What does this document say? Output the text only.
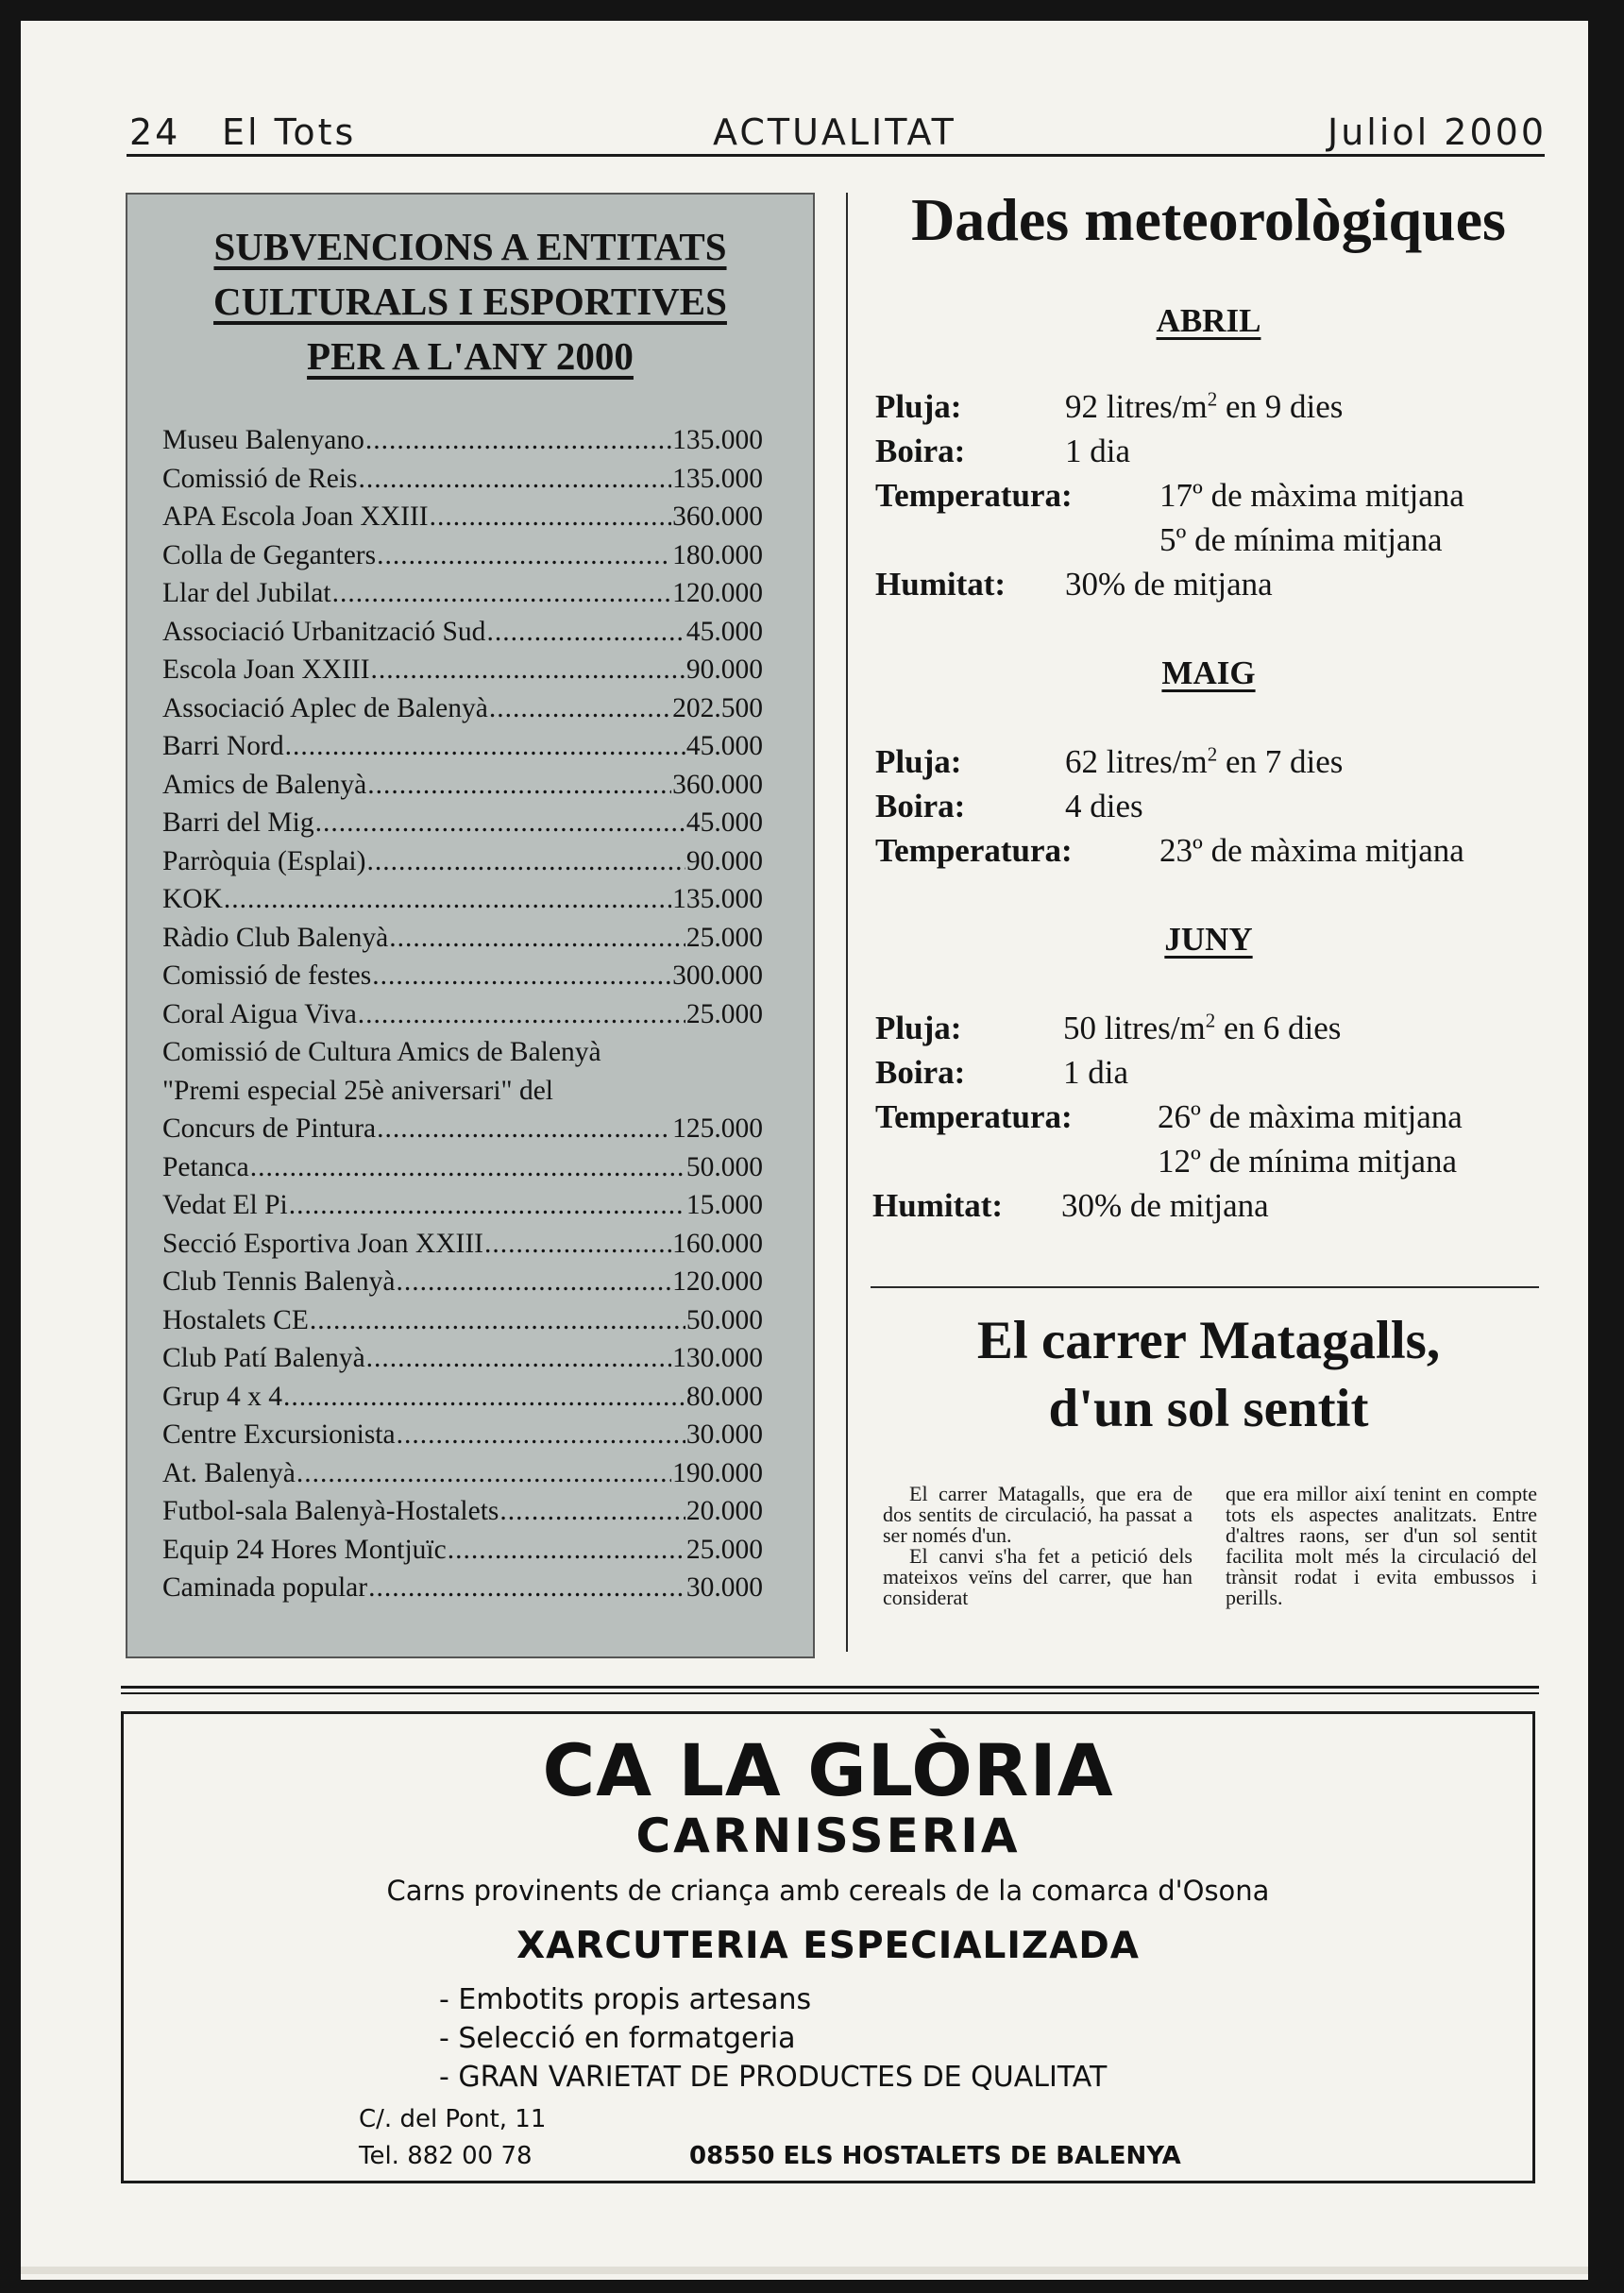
24 El Tots	ACTUALITAT	Juliol 2000
SUBVENCIONS A ENTITATS
CULTURALS I ESPORTIVES
PER A L'ANY 2000
Museu Balenyano .....	135.000
Comissió de Reis .....	135.000
APA Escola Joan XXIII .....	360.000
Colla de Geganters .....	180.000
Llar del Jubilat .....	120.000
Associació Urbanització Sud .....	45.000
Escola Joan XXIII .....	90.000
Associació Aplec de Balenyà .....	202.500
Barri Nord .....	45.000
Amics de Balenyà .....	360.000
Barri del Mig .....	45.000
Parròquia (Esplai) .....	90.000
KOK .....	135.000
Ràdio Club Balenyà .....	25.000
Comissió de festes .....	300.000
Coral Aigua Viva .....	25.000
Comissió de Cultura Amics de Balenyà
"Premi especial 25è aniversari" del
Concurs de Pintura .....	125.000
Petanca .....	50.000
Vedat El Pi .....	15.000
Secció Esportiva Joan XXIII .....	160.000
Club Tennis Balenyà .....	120.000
Hostalets CE .....	50.000
Club Patí Balenyà .....	130.000
Grup 4 x 4 .....	80.000
Centre Excursionista .....	30.000
At. Balenyà .....	190.000
Futbol-sala Balenyà-Hostalets .....	20.000
Equip 24 Hores Montjuïc .....	25.000
Caminada popular .....	30.000
Dades meteorològiques
ABRIL
Pluja:	92 litres/$m^2$ en 9 dies
Boira:	1 dia
Temperatura:	17º de màxima mitjana
5º de mínima mitjana
Humitat: 30% de mitjana
MAIG
Pluja:	62 litres/$m^2$ en 7 dies
Boira:	4 dies
Temperatura:	23º de màxima mitjana
JUNY
Pluja:	50 litres/$m^2$ en 6 dies
Boira:	1 dia
Temperatura:	26º de màxima mitjana
12º de mínima mitjana
Humitat: 30% de mitjana
El carrer Matagalls,
d'un sol sentit

El carrer Matagalls, que era de dos sentits de circulació, ha passat a ser només d'un.

El canvi s'ha fet a petició dels mateixos veïns del carrer, que han considerat

que era millor així tenint en compte tots els aspectes analitzats. Entre d'altres raons, ser d'un sol sentit facilita molt més la circulació del trànsit rodat i evita embussos i perills.

CA LA GLÒRIA
CARNISSERIA
Carns provinents de criança amb cereals de la comarca d'Osona
XARCUTERIA ESPECIALIZADA
- Embotits propis artesans
- Selecció en formatgeria
- GRAN VARIETAT DE PRODUCTES DE QUALITAT
C/. del Pont, 11
Tel. 882 00 78	08550 ELS HOSTALETS DE BALENYA
